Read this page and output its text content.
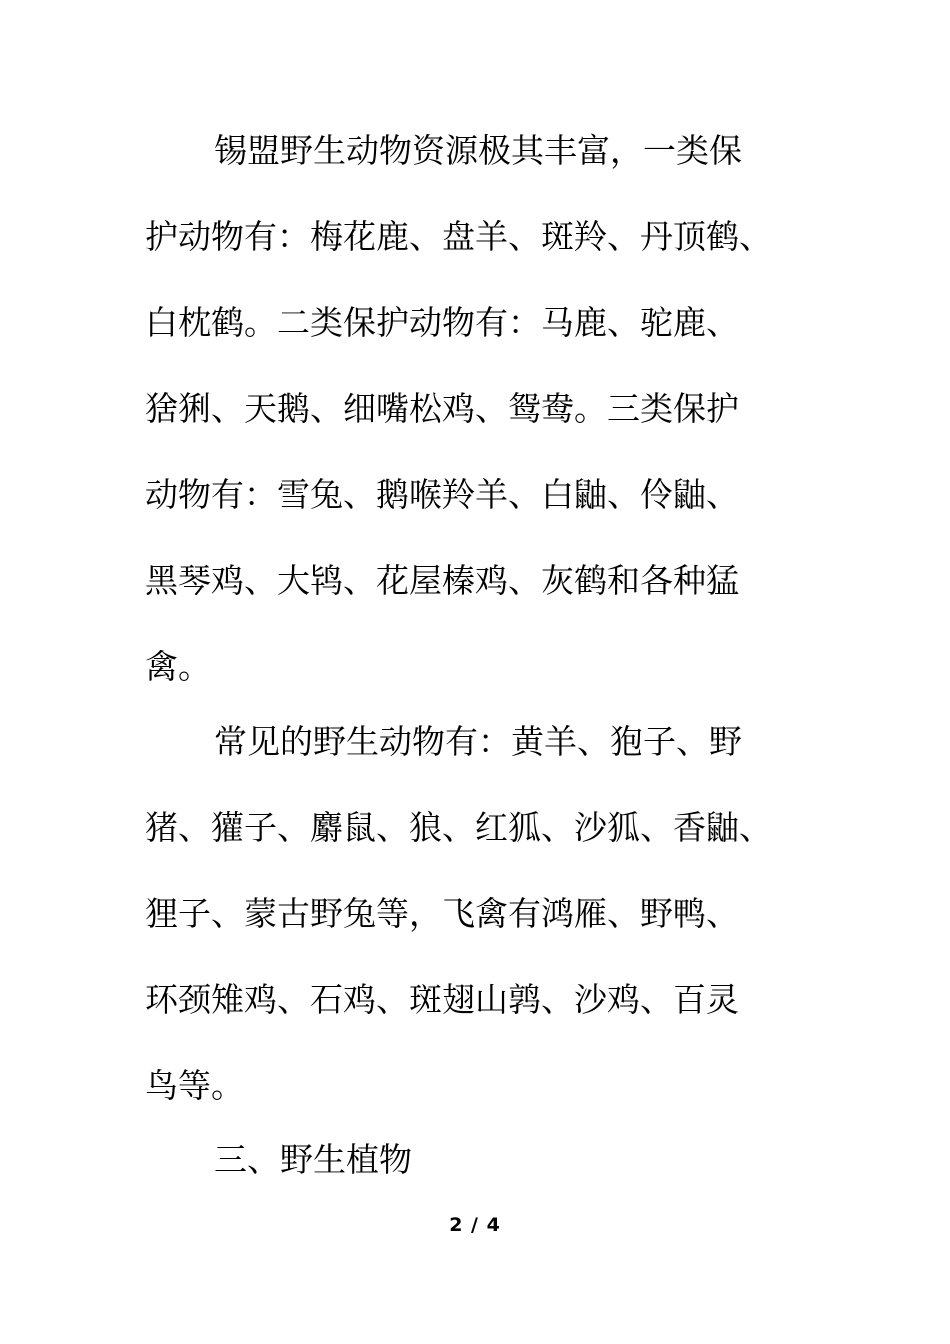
锡盟野生动物资源极其丰富，一类保
护动物有：梅花鹿、盘羊、斑羚、丹顶鹤、
白枕鹤。二类保护动物有：马鹿、驼鹿、
猞猁、天鹅、细嘴松鸡、鸳鸯。三类保护
动物有：雪兔、鹅喉羚羊、白鼬、伶鼬、
黑琴鸡、大鸨、花屋榛鸡、灰鹤和各种猛
禽。
常见的野生动物有：黄羊、狍子、野
猪、獾子、麝鼠、狼、红狐、沙狐、香鼬、
狸子、蒙古野兔等，飞禽有鸿雁、野鸭、
环颈雉鸡、石鸡、斑翅山鹑、沙鸡、百灵
鸟等。
三、野生植物
2 / 4
